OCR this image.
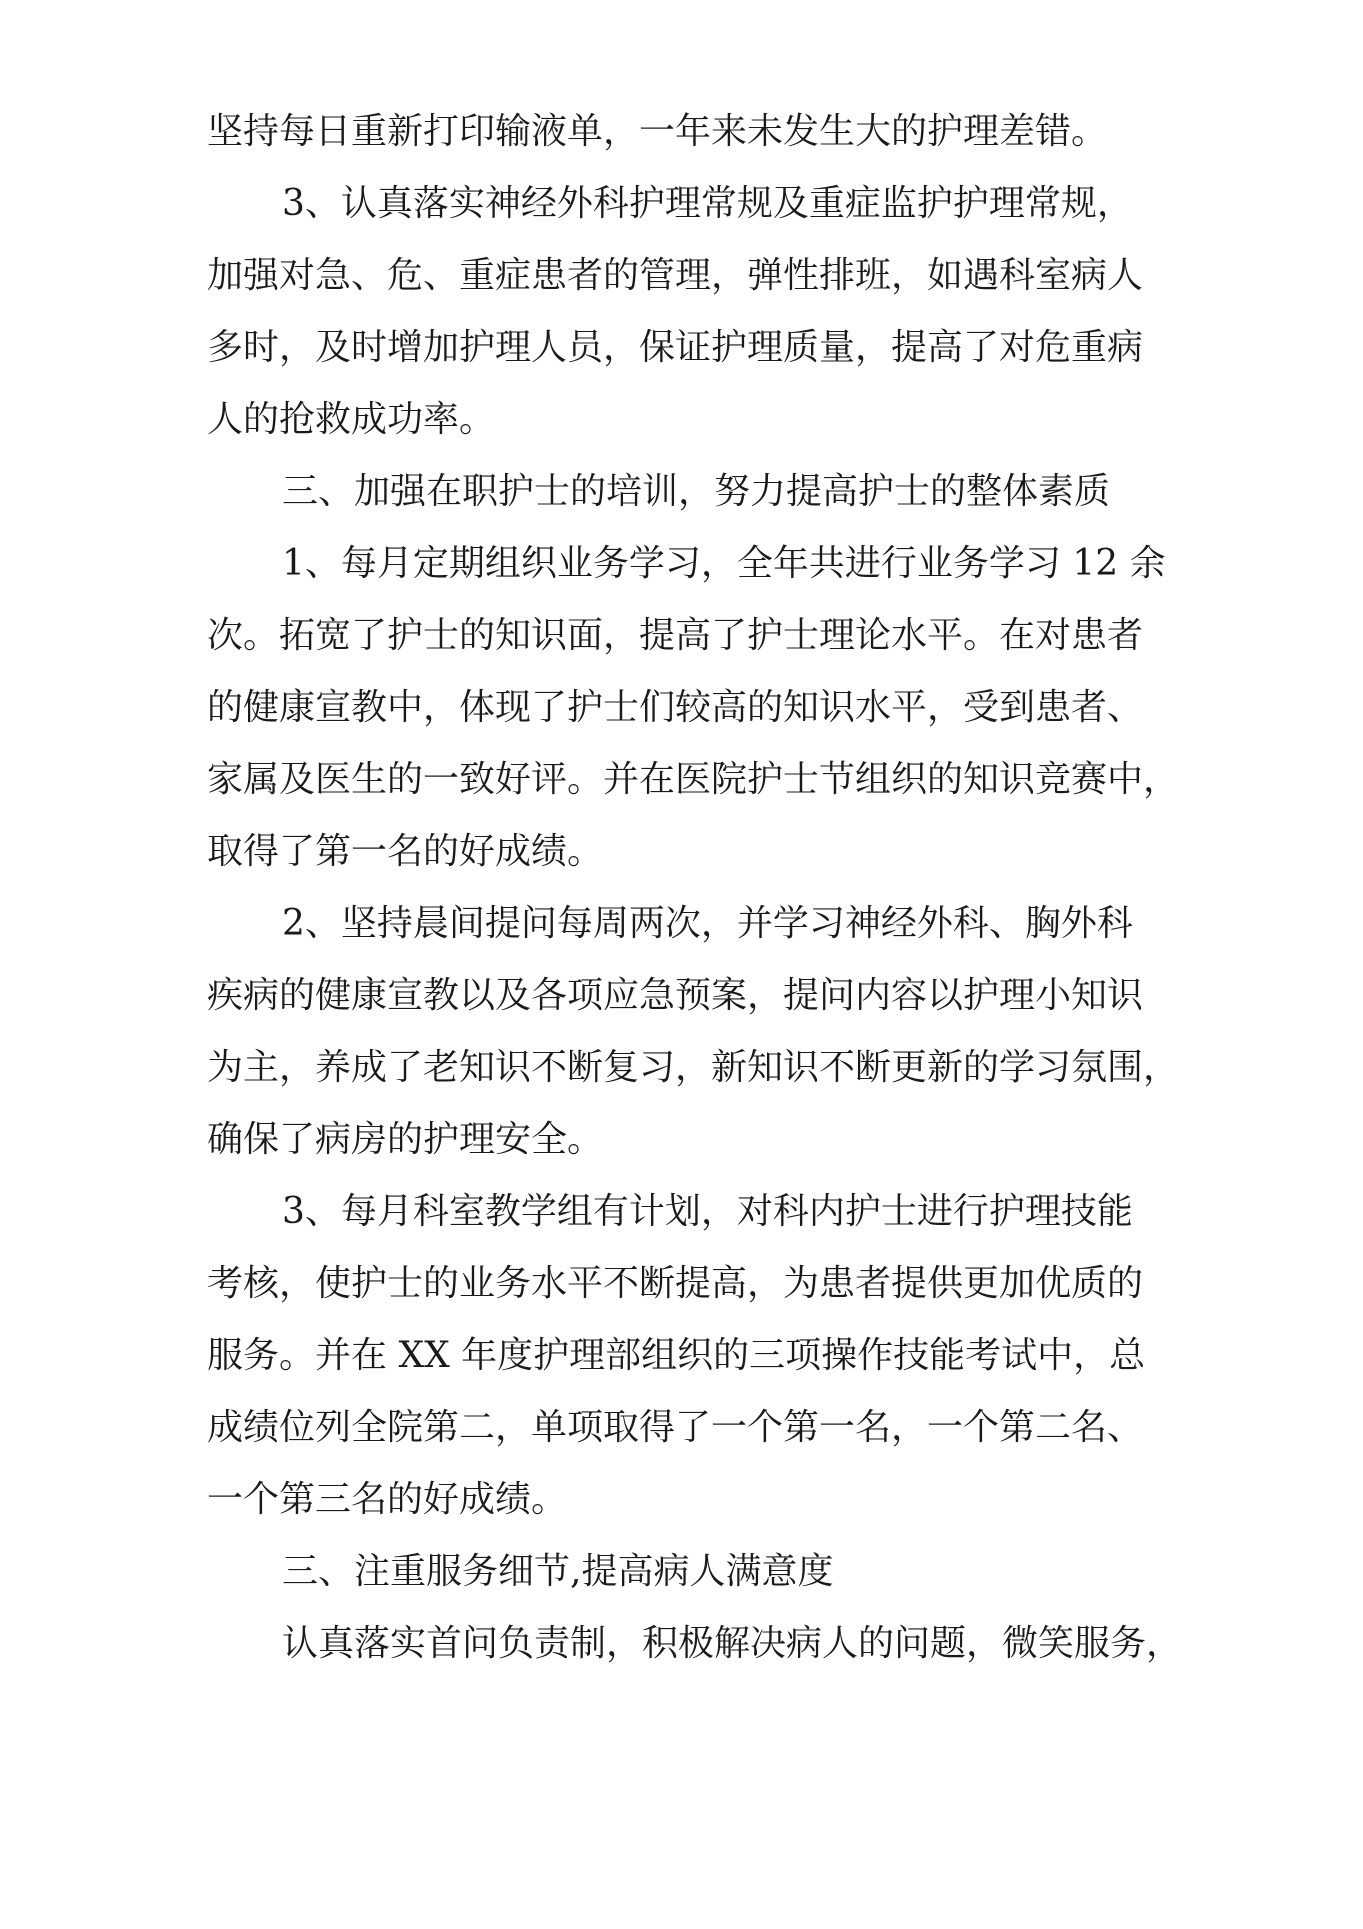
坚持每日重新打印输液单，一年来未发生大的护理差错。
3、认真落实神经外科护理常规及重症监护护理常规，
加强对急、危、重症患者的管理，弹性排班，如遇科室病人
多时，及时增加护理人员，保证护理质量，提高了对危重病
人的抢救成功率。
三、加强在职护士的培训，努力提高护士的整体素质
1、每月定期组织业务学习，全年共进行业务学习 12 余
次。拓宽了护士的知识面，提高了护士理论水平。在对患者
的健康宣教中，体现了护士们较高的知识水平，受到患者、
家属及医生的一致好评。并在医院护士节组织的知识竞赛中，
取得了第一名的好成绩。
2、坚持晨间提问每周两次，并学习神经外科、胸外科
疾病的健康宣教以及各项应急预案，提问内容以护理小知识
为主，养成了老知识不断复习，新知识不断更新的学习氛围，
确保了病房的护理安全。
3、每月科室教学组有计划，对科内护士进行护理技能
考核，使护士的业务水平不断提高，为患者提供更加优质的
服务。并在 XX 年度护理部组织的三项操作技能考试中，总
成绩位列全院第二，单项取得了一个第一名，一个第二名、
一个第三名的好成绩。
三、注重服务细节,提高病人满意度
认真落实首问负责制，积极解决病人的问题，微笑服务，
